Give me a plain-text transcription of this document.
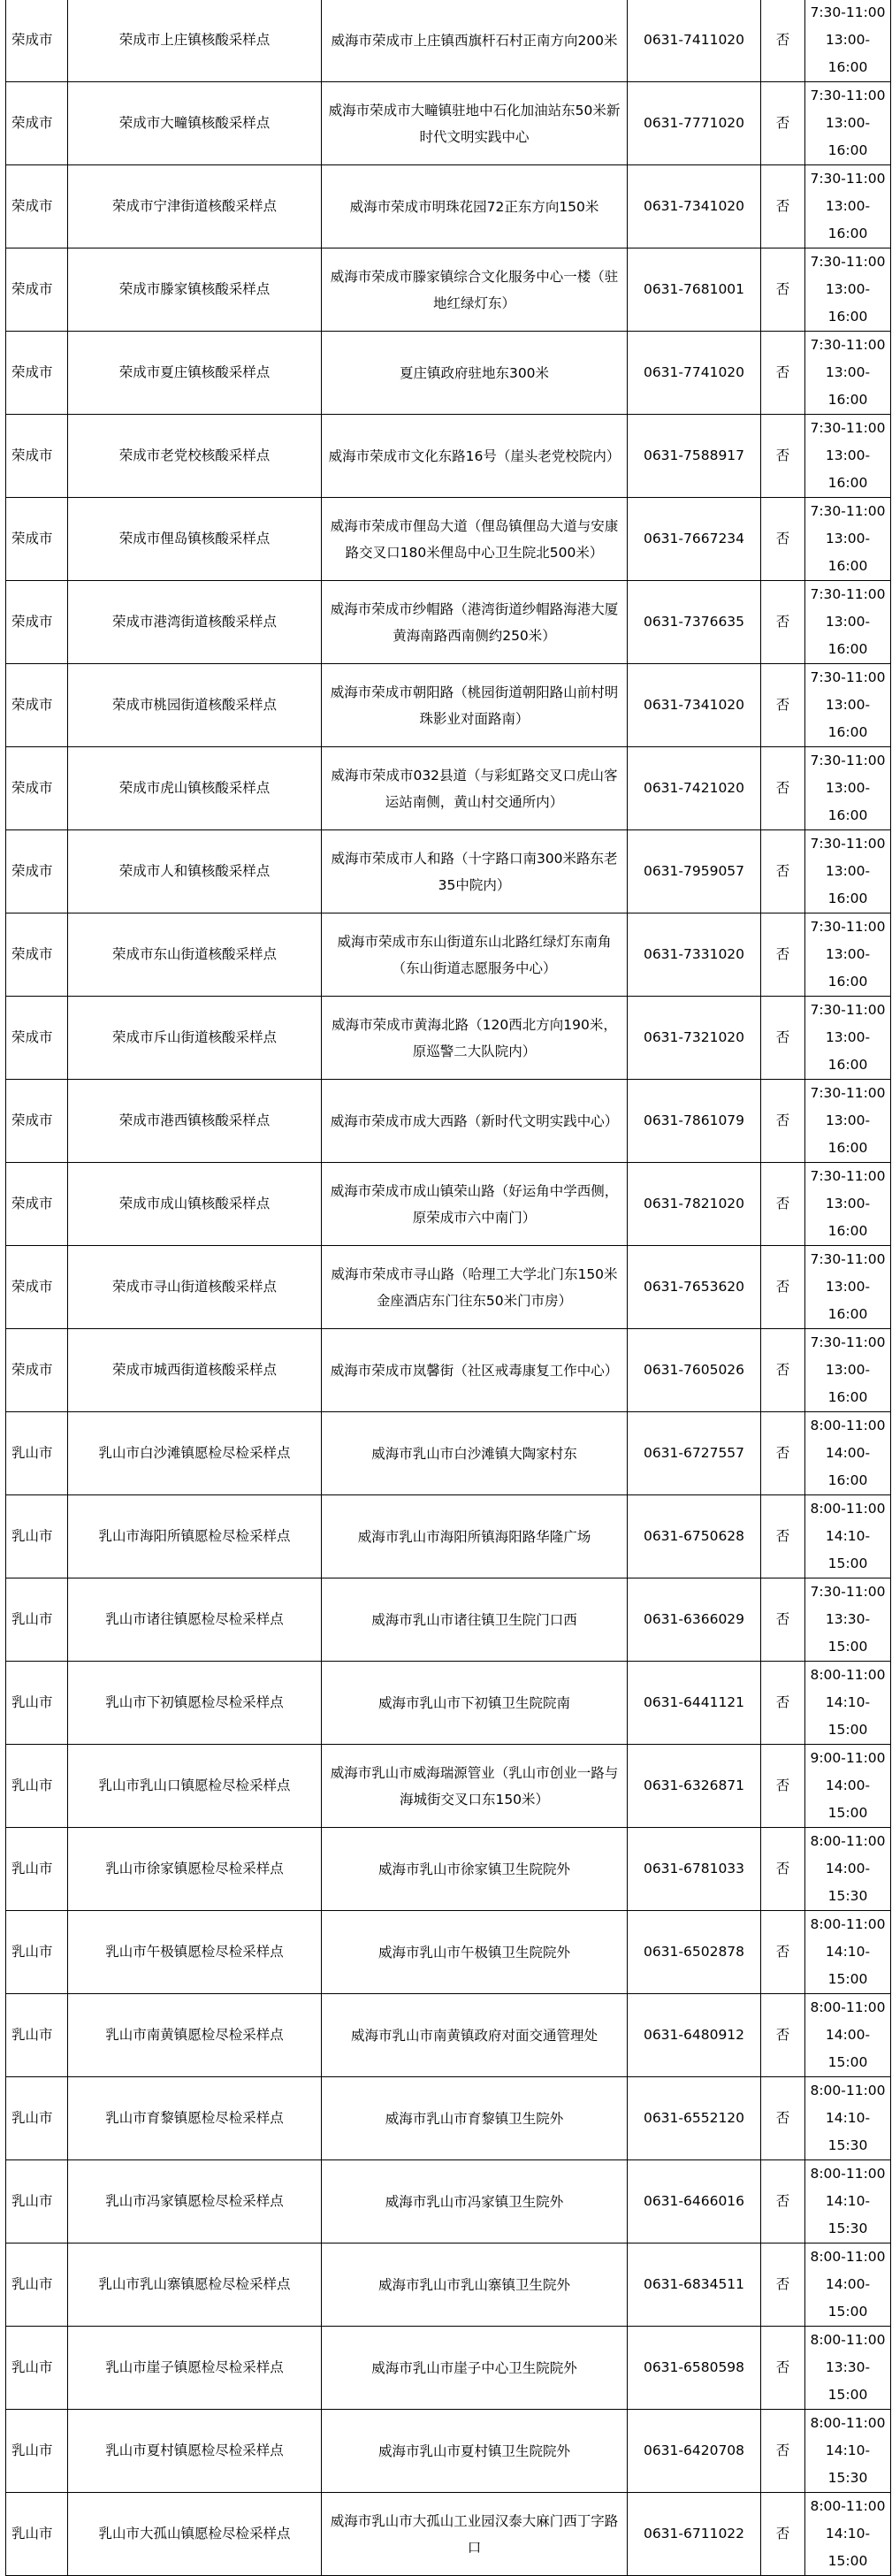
荣成市	荣成市上庄镇核酸采样点	威海市荣成市上庄镇西旗杆石村正南方向200米	0631-7411020	否	7:30-11:00
13:00-16:00
荣成市	荣成市大疃镇核酸采样点	威海市荣成市大疃镇驻地中石化加油站东50米新时代文明实践中心	0631-7771020	否	7:30-11:00
13:00-16:00
荣成市	荣成市宁津街道核酸采样点	威海市荣成市明珠花园72正东方向150米	0631-7341020	否	7:30-11:00
13:00-16:00
荣成市	荣成市滕家镇核酸采样点	威海市荣成市滕家镇综合文化服务中心一楼（驻地红绿灯东）	0631-7681001	否	7:30-11:00
13:00-16:00
荣成市	荣成市夏庄镇核酸采样点	夏庄镇政府驻地东300米	0631-7741020	否	7:30-11:00
13:00-16:00
荣成市	荣成市老党校核酸采样点	威海市荣成市文化东路16号（崖头老党校院内）	0631-7588917	否	7:30-11:00
13:00-16:00
荣成市	荣成市俚岛镇核酸采样点	威海市荣成市俚岛大道（俚岛镇俚岛大道与安康路交叉口180米俚岛中心卫生院北500米）	0631-7667234	否	7:30-11:00
13:00-16:00
荣成市	荣成市港湾街道核酸采样点	威海市荣成市纱帽路（港湾街道纱帽路海港大厦黄海南路西南侧约250米）	0631-7376635	否	7:30-11:00
13:00-16:00
荣成市	荣成市桃园街道核酸采样点	威海市荣成市朝阳路（桃园街道朝阳路山前村明珠影业对面路南）	0631-7341020	否	7:30-11:00
13:00-16:00
荣成市	荣成市虎山镇核酸采样点	威海市荣成市032县道（与彩虹路交叉口虎山客运站南侧，黄山村交通所内）	0631-7421020	否	7:30-11:00
13:00-16:00
荣成市	荣成市人和镇核酸采样点	威海市荣成市人和路（十字路口南300米路东老35中院内）	0631-7959057	否	7:30-11:00
13:00-16:00
荣成市	荣成市东山街道核酸采样点	威海市荣成市东山街道东山北路红绿灯东南角（东山街道志愿服务中心）	0631-7331020	否	7:30-11:00
13:00-16:00
荣成市	荣成市斥山街道核酸采样点	威海市荣成市黄海北路（120西北方向190米，原巡警二大队院内）	0631-7321020	否	7:30-11:00
13:00-16:00
荣成市	荣成市港西镇核酸采样点	威海市荣成市成大西路（新时代文明实践中心）	0631-7861079	否	7:30-11:00
13:00-16:00
荣成市	荣成市成山镇核酸采样点	威海市荣成市成山镇荣山路（好运角中学西侧，原荣成市六中南门）	0631-7821020	否	7:30-11:00
13:00-16:00
荣成市	荣成市寻山街道核酸采样点	威海市荣成市寻山路（哈理工大学北门东150米金座酒店东门往东50米门市房）	0631-7653620	否	7:30-11:00
13:00-16:00
荣成市	荣成市城西街道核酸采样点	威海市荣成市岚馨街（社区戒毒康复工作中心）	0631-7605026	否	7:30-11:00
13:00-16:00
乳山市	乳山市白沙滩镇愿检尽检采样点	威海市乳山市白沙滩镇大陶家村东	0631-6727557	否	8:00-11:00
14:00-16:00
乳山市	乳山市海阳所镇愿检尽检采样点	威海市乳山市海阳所镇海阳路华隆广场	0631-6750628	否	8:00-11:00
14:10-15:00
乳山市	乳山市诸往镇愿检尽检采样点	威海市乳山市诸往镇卫生院门口西	0631-6366029	否	7:30-11:00
13:30-15:00
乳山市	乳山市下初镇愿检尽检采样点	威海市乳山市下初镇卫生院院南	0631-6441121	否	8:00-11:00
14:10-15:00
乳山市	乳山市乳山口镇愿检尽检采样点	威海市乳山市威海瑞源管业（乳山市创业一路与海城街交叉口东150米）	0631-6326871	否	9:00-11:00
14:00-15:00
乳山市	乳山市徐家镇愿检尽检采样点	威海市乳山市徐家镇卫生院院外	0631-6781033	否	8:00-11:00
14:00-15:30
乳山市	乳山市午极镇愿检尽检采样点	威海市乳山市午极镇卫生院院外	0631-6502878	否	8:00-11:00
14:10-15:00
乳山市	乳山市南黄镇愿检尽检采样点	威海市乳山市南黄镇政府对面交通管理处	0631-6480912	否	8:00-11:00
14:00-15:00
乳山市	乳山市育黎镇愿检尽检采样点	威海市乳山市育黎镇卫生院外	0631-6552120	否	8:00-11:00
14:10-15:30
乳山市	乳山市冯家镇愿检尽检采样点	威海市乳山市冯家镇卫生院外	0631-6466016	否	8:00-11:00
14:10-15:30
乳山市	乳山市乳山寨镇愿检尽检采样点	威海市乳山市乳山寨镇卫生院外	0631-6834511	否	8:00-11:00
14:00-15:00
乳山市	乳山市崖子镇愿检尽检采样点	威海市乳山市崖子中心卫生院院外	0631-6580598	否	8:00-11:00
13:30-15:00
乳山市	乳山市夏村镇愿检尽检采样点	威海市乳山市夏村镇卫生院院外	0631-6420708	否	8:00-11:00
14:10-15:30
乳山市	乳山市大孤山镇愿检尽检采样点	威海市乳山市大孤山工业园汉泰大麻门西丁字路口	0631-6711022	否	8:00-11:00
14:10-15:00
